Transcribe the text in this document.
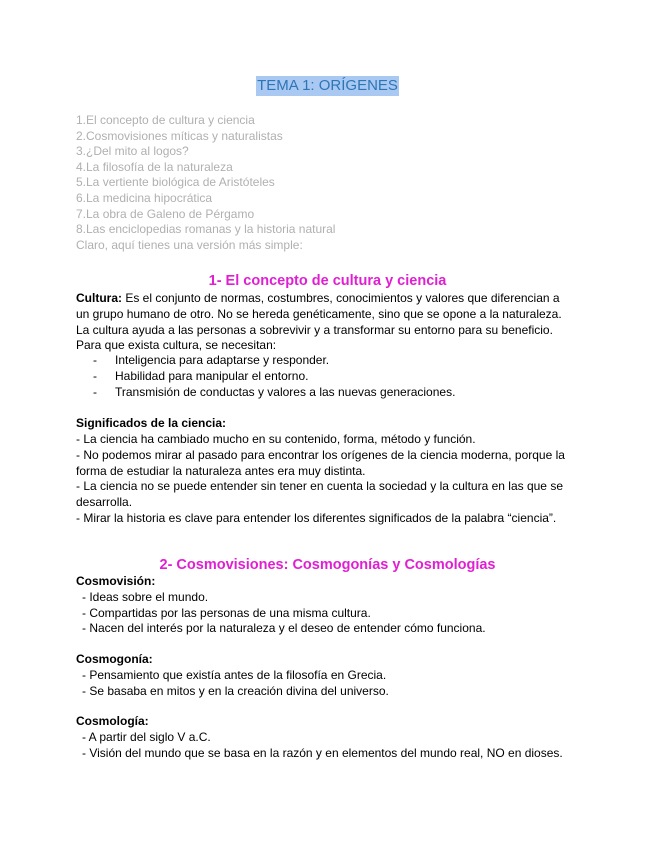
TEMA 1: ORÍGENES
1.El concepto de cultura y ciencia
2.Cosmovisiones míticas y naturalistas
3.¿Del mito al logos?
4.La filosofía de la naturaleza
5.La vertiente biológica de Aristóteles
6.La medicina hipocrática
7.La obra de Galeno de Pérgamo
8.Las enciclopedias romanas y la historia natural
Claro, aquí tienes una versión más simple:
1- El concepto de cultura y ciencia
Cultura: Es el conjunto de normas, costumbres, conocimientos y valores que diferencian a un grupo humano de otro. No se hereda genéticamente, sino que se opone a la naturaleza. La cultura ayuda a las personas a sobrevivir y a transformar su entorno para su beneficio. Para que exista cultura, se necesitan:
- Inteligencia para adaptarse y responder.
- Habilidad para manipular el entorno.
- Transmisión de conductas y valores a las nuevas generaciones.
Significados de la ciencia:
- La ciencia ha cambiado mucho en su contenido, forma, método y función.
- No podemos mirar al pasado para encontrar los orígenes de la ciencia moderna, porque la forma de estudiar la naturaleza antes era muy distinta.
- La ciencia no se puede entender sin tener en cuenta la sociedad y la cultura en las que se desarrolla.
- Mirar la historia es clave para entender los diferentes significados de la palabra “ciencia”.
2- Cosmovisiones: Cosmogonías y Cosmologías
Cosmovisión:
- Ideas sobre el mundo.
- Compartidas por las personas de una misma cultura.
- Nacen del interés por la naturaleza y el deseo de entender cómo funciona.
Cosmogonía:
- Pensamiento que existía antes de la filosofía en Grecia.
- Se basaba en mitos y en la creación divina del universo.
Cosmología:
- A partir del siglo V a.C.
- Visión del mundo que se basa en la razón y en elementos del mundo real, NO en dioses.
